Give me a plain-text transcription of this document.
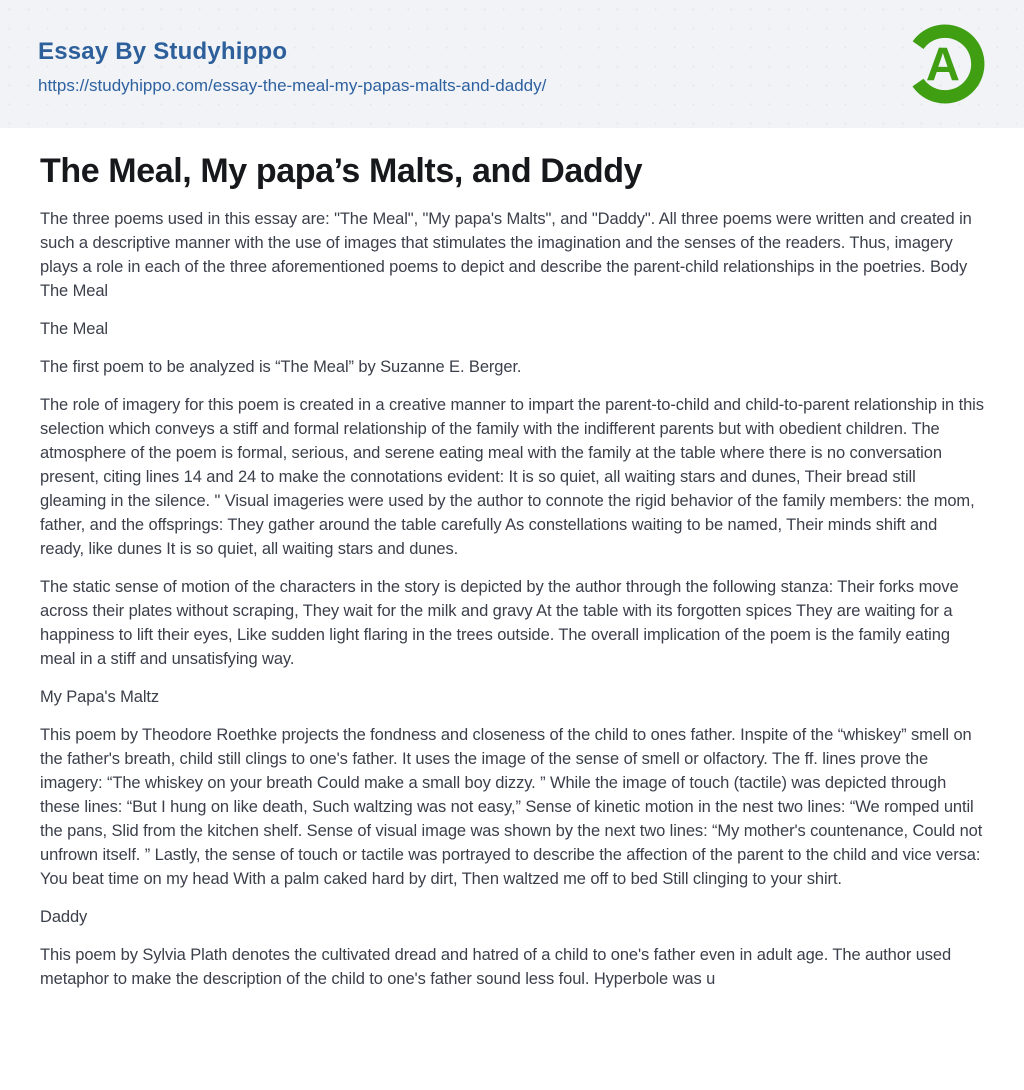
Essay By Studyhippo
https://studyhippo.com/essay-the-meal-my-papas-malts-and-daddy/	A
The Meal, My papa’s Malts, and Daddy

The three poems used in this essay are: "The Meal", "My papa's Malts", and "Daddy". All three poems were written and created in such a descriptive manner with the use of images that stimulates the imagination and the senses of the readers. Thus, imagery plays a role in each of the three aforementioned poems to depict and describe the parent-child relationships in the poetries. Body The Meal

The Meal

The first poem to be analyzed is “The Meal” by Suzanne E. Berger.

The role of imagery for this poem is created in a creative manner to impart the parent-to-child and child-to-parent relationship in this selection which conveys a stiff and formal relationship of the family with the indifferent parents but with obedient children. The atmosphere of the poem is formal, serious, and serene eating meal with the family at the table where there is no conversation present, citing lines 14 and 24 to make the connotations evident: It is so quiet, all waiting stars and dunes, Their bread still gleaming in the silence. " Visual imageries were used by the author to connote the rigid behavior of the family members: the mom, father, and the offsprings: They gather around the table carefully As constellations waiting to be named, Their minds shift and ready, like dunes It is so quiet, all waiting stars and dunes.

The static sense of motion of the characters in the story is depicted by the author through the following stanza: Their forks move across their plates without scraping, They wait for the milk and gravy At the table with its forgotten spices They are waiting for a happiness to lift their eyes, Like sudden light flaring in the trees outside. The overall implication of the poem is the family eating meal in a stiff and unsatisfying way.

My Papa's Maltz

This poem by Theodore Roethke projects the fondness and closeness of the child to ones father. Inspite of the “whiskey” smell on the father's breath, child still clings to one's father. It uses the image of the sense of smell or olfactory. The ff. lines prove the imagery: “The whiskey on your breath Could make a small boy dizzy. ” While the image of touch (tactile) was depicted through these lines: “But I hung on like death, Such waltzing was not easy,” Sense of kinetic motion in the nest two lines: “We romped until the pans, Slid from the kitchen shelf. Sense of visual image was shown by the next two lines: “My mother's countenance, Could not unfrown itself. ” Lastly, the sense of touch or tactile was portrayed to describe the affection of the parent to the child and vice versa: You beat time on my head With a palm caked hard by dirt, Then waltzed me off to bed Still clinging to your shirt.

Daddy

This poem by Sylvia Plath denotes the cultivated dread and hatred of a child to one's father even in adult age. The author used metaphor to make the description of the child to one's father sound less foul. Hyperbole was u
